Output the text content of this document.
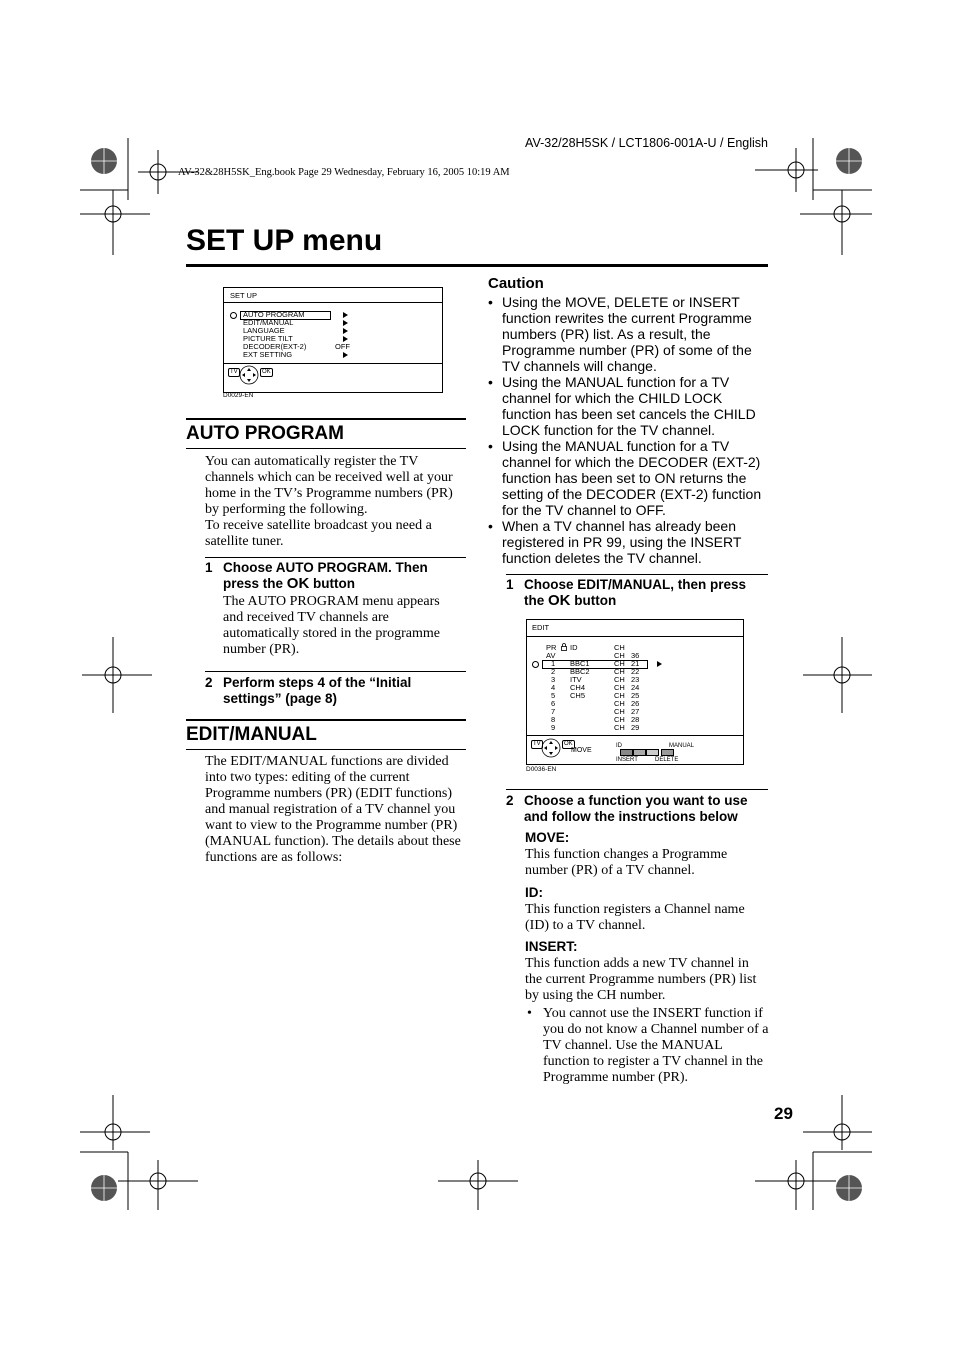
AV-32/28H5SK / LCT1806-001A-U / English
AV-32&28H5SK_Eng.book Page 29 Wednesday, February 16, 2005 10:19 AM
SET UP menu
SET UP
AUTO PROGRAM
EDIT/MANUAL
LANGUAGE
PICTURE TILT
DECODER(EXT-2)
EXT SETTING
OFF
TV	OK
D0029-EN
AUTO PROGRAM
You can automatically register the TV channels which can be received well at your home in the TV’s Programme numbers (PR) by performing the following.
To receive satellite broadcast you need a satellite tuner.
1 Choose AUTO PROGRAM. Then
press the OK button
The AUTO PROGRAM menu appears and received TV channels are automatically stored in the programme number (PR).
2 Perform steps 4 of the “Initial settings” (page 8)
EDIT/MANUAL
The EDIT/MANUAL functions are divided into two types: editing of the current Programme numbers (PR) (EDIT functions) and manual registration of a TV channel you want to view to the Programme number (PR) (MANUAL function). The details about these functions are as follows:
Caution
• Using the MOVE, DELETE or INSERT function rewrites the current Programme numbers (PR) list. As a result, the Programme number (PR) of some of the TV channels will change.
• Using the MANUAL function for a TV channel for which the CHILD LOCK function has been set cancels the CHILD LOCK function for the TV channel.
• Using the MANUAL function for a TV channel for which the DECODER (EXT-2) function has been set to ON returns the setting of the DECODER (EXT-2) function for the TV channel to OFF.
• When a TV channel has already been registered in PR 99, using the INSERT function deletes the TV channel.
1 Choose EDIT/MANUAL, then press
the OK button
EDIT
PR ID	CH
AV	CH 36
1 BBC1	CH 21
2 BBC2	CH 22
3 ITV	CH 23
4 CH4	CH 24
5 CH5	CH 25
6	CH 26
7	CH 27
8	CH 28
9	CH 29
TV	OK
MOVE
ID	MANUAL
INSERT	DELETE
D0036-EN
2 Choose a function you want to use and follow the instructions below
MOVE:
This function changes a Programme number (PR) of a TV channel.
ID:
This function registers a Channel name (ID) to a TV channel.
INSERT:
This function adds a new TV channel in the current Programme numbers (PR) list by using the CH number.
• You cannot use the INSERT function if you do not know a Channel number of a TV channel. Use the MANUAL function to register a TV channel in the Programme number (PR).
29
